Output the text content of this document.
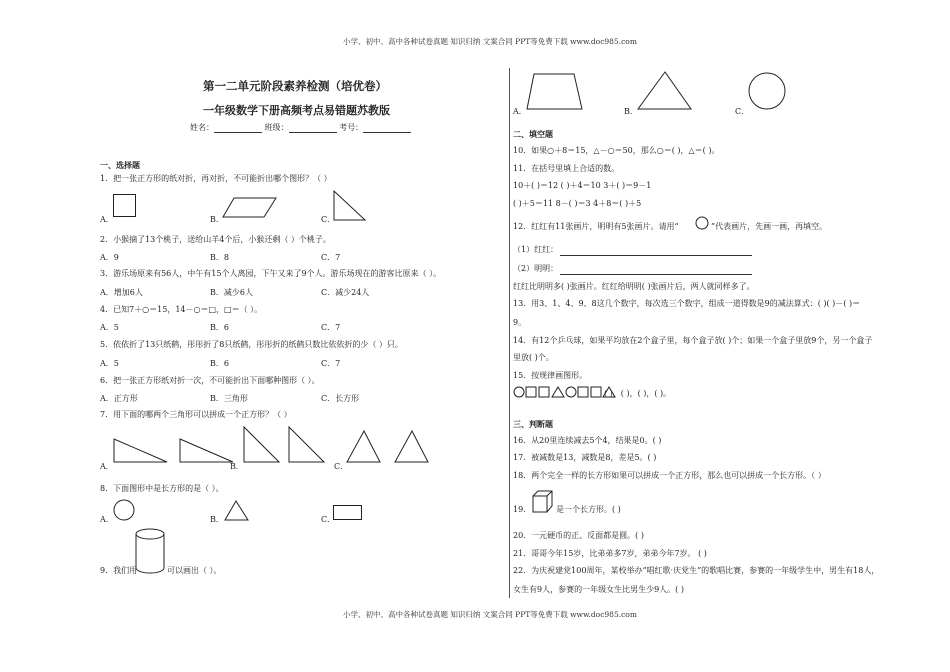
小学、初中、高中各种试卷真题 知识归纳 文案合同 PPT等免费下载 www.doc985.com
第一二单元阶段素养检测（培优卷）
一年级数学下册高频考点易错题苏教版
姓名：	班级：	考号：
一、选择题
1．把一张正方形的纸对折，再对折，不可能折出哪个图形？（ ）
A．	B．	C．
2．小猴摘了13个桃子，送给山羊4个后，小猴还剩（ ）个桃子。
A．9	B．8	C．7
3．游乐场原来有56人，中午有15个人离园，下午又来了9个人。游乐场现在的游客比原来（ ）。
A．增加6人	B．减少6人	C．减少24人
4．已知7＋○＝15，14－○＝□，□＝（ ）。
A．5	B．6	C．7
5．依依折了13只纸鹤，彤彤折了8只纸鹤，彤彤折的纸鹤只数比依依折的少（ ）只。
A．5	B．6	C．7
6．把一张正方形纸对折一次，不可能折出下面哪种图形（ ）。
A．正方形	B．三角形	C．长方形
7．用下面的哪两个三角形可以拼成一个正方形？（ ）
A．	B．	C．
8．下面图形中是长方形的是（ ）。
A．	B．	C．
9．我们用	可以画出（ ）。
A．	B．	C．
二、填空题
10．如果○＋8＝15，△－○＝50，那么○＝( )，△＝( )。
11．在括号里填上合适的数。
10＋( )＝12 ( )＋4＝10 3＋( )＝9－1
( )＋5＝11 8－( )＝3 4＋8＝( )＋5
12．红红有11张画片，明明有5张画片。请用“	”代表画片，先画一画，再填空。
（1）红红：
（2）明明：
红红比明明多( )张画片。红红给明明( )张画片后，两人就同样多了。
13．用3、1、4、9、8这几个数字，每次选三个数字，组成一道得数是9的减法算式：( )( )－( )＝
9。
14．有12个乒乓球，如果平均放在2个盒子里，每个盒子放( )个；如果一个盒子里放9个，另一个盒子
里放( )个。
15．按规律画图形。
( )，( )，( )，( )。
三、判断题
16．从20里连续减去5个4，结果是0。( )
17．被减数是13，减数是8，差是5。( )
18．两个完全一样的长方形如果可以拼成一个正方形，那么也可以拼成一个长方形。（ ）
19．	是一个长方形。( )
20．一元硬币的正、反面都是圆。( )
21．哥哥今年15岁，比弟弟多7岁，弟弟今年7岁。 ( )
22．为庆祝建党100周年，某校举办“唱红歌·庆党生”的歌唱比赛，参赛的一年级学生中，男生有18人，
女生有9人，参赛的一年级女生比男生少9人。( )
小学、初中、高中各种试卷真题 知识归纳 文案合同 PPT等免费下载 www.doc985.com
